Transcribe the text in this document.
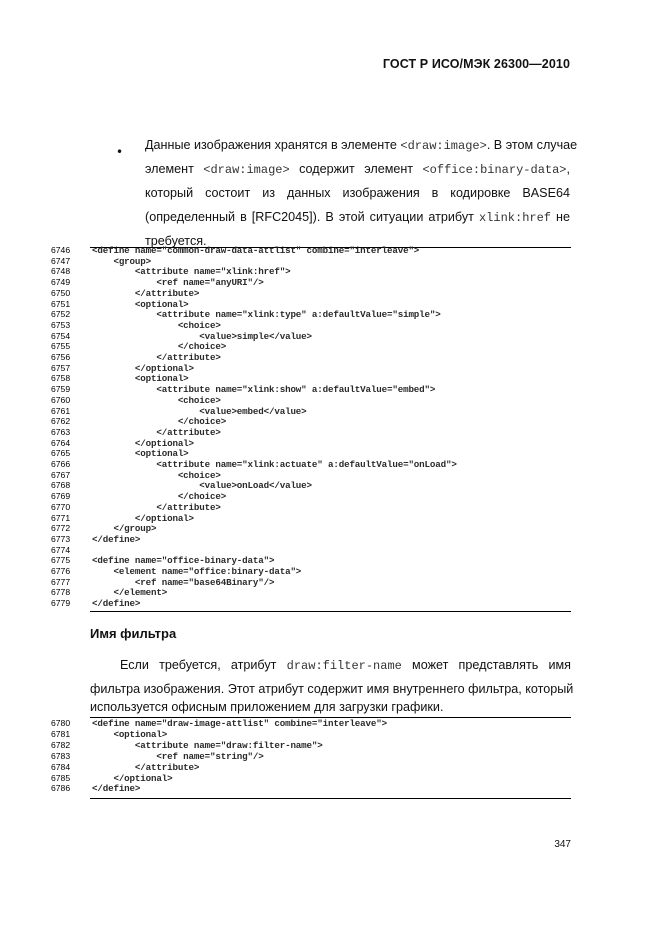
ГОСТ Р ИСО/МЭК 26300—2010
• Данные изображения хранятся в элементе <draw:image>. В этом случае
элемент <draw:image> содержит элемент <office:binary-data>,
который состоит из данных изображения в кодировке BASE64
(определенный в [RFC2045]). В этой ситуации атрибут xlink:href не
требуется.
Имя фильтра
Если требуется, атрибут draw:filter-name может представлять имя
фильтра изображения. Этот атрибут содержит имя внутреннего фильтра, который
используется офисным приложением для загрузки графики.
347
6746	<define name="common-draw-data-attlist" combine="interleave">
6747	<group>
6748	<attribute name="xlink:href">
6749	<ref name="anyURI"/>
6750	</attribute>
6751	<optional>
6752	<attribute name="xlink:type" a:defaultValue="simple">
6753	<choice>
6754	<value>simple</value>
6755	</choice>
6756	</attribute>
6757	</optional>
6758	<optional>
6759	<attribute name="xlink:show" a:defaultValue="embed">
6760	<choice>
6761	<value>embed</value>
6762	</choice>
6763	</attribute>
6764	</optional>
6765	<optional>
6766	<attribute name="xlink:actuate" a:defaultValue="onLoad">
6767	<choice>
6768	<value>onLoad</value>
6769	</choice>
6770	</attribute>
6771	</optional>
6772	</group>
6773	</define>
6774
6775	<define name="office-binary-data">
6776	<element name="office:binary-data">
6777	<ref name="base64Binary"/>
6778	</element>
6779	</define>
6780	<define name="draw-image-attlist" combine="interleave">
6781	<optional>
6782	<attribute name="draw:filter-name">
6783	<ref name="string"/>
6784	</attribute>
6785	</optional>
6786	</define>
